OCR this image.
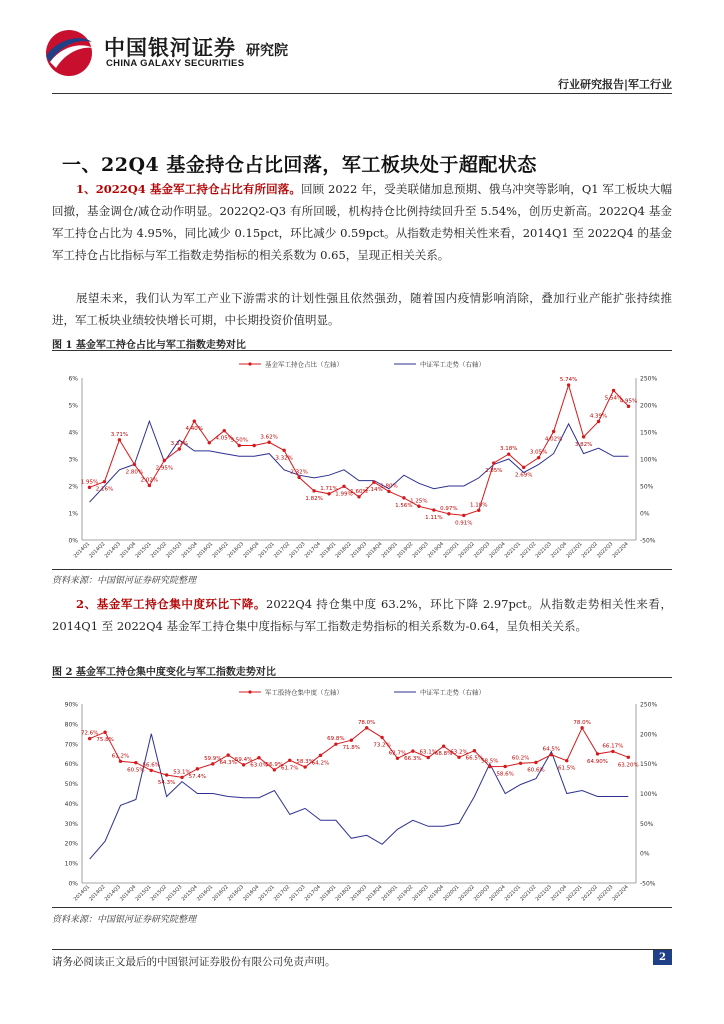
中国银河证券 研究院
CHINA GALAXY SECURITIES
行业研究报告|军工行业
一、22Q4 基金持仓占比回落，军工板块处于超配状态

1、2022Q4 基金军工持仓占比有所回落。回顾 2022 年，受美联储加息预期、俄乌冲突等影响，Q1 军工板块大幅回撤，基金调仓/减仓动作明显。2022Q2-Q3 有所回暖，机构持仓比例持续回升至 5.54%，创历史新高。2022Q4 基金军工持仓占比为 4.95%，同比减少 0.15pct，环比减少 0.59pct。从指数走势相关性来看，2014Q1 至 2022Q4 的基金军工持仓占比指标与军工指数走势指标的相关系数为 0.65，呈现正相关关系。

展望未来，我们认为军工产业下游需求的计划性强且依然强劲，随着国内疫情影响消除，叠加行业产能扩张持续推进，军工板块业绩较快增长可期，中长期投资价值明显。

图 1 基金军工持仓占比与军工指数走势对比

0%
1%
2%
3%
4%
5%
6%
-50%
0%
50%
100%
150%
200%
250%
2014Q1
2014Q2
2014Q3
2014Q4
2015Q1
2015Q2
2015Q3
2015Q4
2016Q1
2016Q2
2016Q3
2016Q4
2017Q1
2017Q2
2017Q3
2017Q4
2018Q1
2018Q2
2018Q3
2018Q4
2019Q1
2019Q2
2019Q3
2019Q4
2020Q1
2020Q2
2020Q3
2020Q4
2021Q1
2021Q2
2021Q3
2021Q4
2022Q1
2022Q2
2022Q3
2022Q4
基金军工持仓占比（左轴）	中证军工走势（右轴）
1.95%
2.16%
3.71%
2.80%
2.02%
2.95%
3.37%
4.40%
4.05%
3.50%
3.62%
3.32%
2.32%
1.82%
1.71%
1.99%
1.60%
2.14%
1.80%
1.56%
1.25%
1.11%
0.97%
0.91%
1.10%
2.85%
3.18%
2.69%
3.05%
4.02%
5.74%
3.82%
4.39%
5.54%
4.95%

资料来源：中国银河证券研究院整理

2、基金军工持仓集中度环比下降。2022Q4 持仓集中度 63.2%，环比下降 2.97pct。从指数走势相关性来看，2014Q1 至 2022Q4 基金军工持仓集中度指标与军工指数走势指标的相关系数为-0.64，呈负相关关系。

图 2 基金军工持仓集中度变化与军工指数走势对比

0%
10%
20%
30%
40%
50%
60%
70%
80%
90%
-50%
0%
50%
100%
150%
200%
250%
2014Q1
2014Q2
2014Q3
2014Q4
2015Q1
2015Q2
2015Q3
2015Q4
2016Q1
2016Q2
2016Q3
2016Q4
2017Q1
2017Q2
2017Q3
2017Q4
2018Q1
2018Q2
2018Q3
2018Q4
2019Q1
2019Q2
2019Q3
2019Q4
2020Q1
2020Q2
2020Q3
2020Q4
2021Q1
2021Q2
2021Q3
2021Q4
2022Q1
2022Q2
2022Q3
2022Q4
军工股持仓集中度（左轴）	中证军工走势（右轴）
72.6%
75.8%
61.2%
60.5%
56.6%
54.3%
53.1%
57.4%
59.9%
64.3%
59.4%
63.0%
56.9%
61.7%
58.3%
64.2%
69.8%
71.8%
78.0%
73.2%
62.7%
66.3%
63.1%
68.8%
63.2%
66.5%
58.5%
58.6%
60.2%
60.6%
64.5%
61.5%
78.0%
64.90%
66.17%
63.20%

资料来源：中国银河证券研究院整理

请务必阅读正文最后的中国银河证券股份有限公司免责声明。	2
